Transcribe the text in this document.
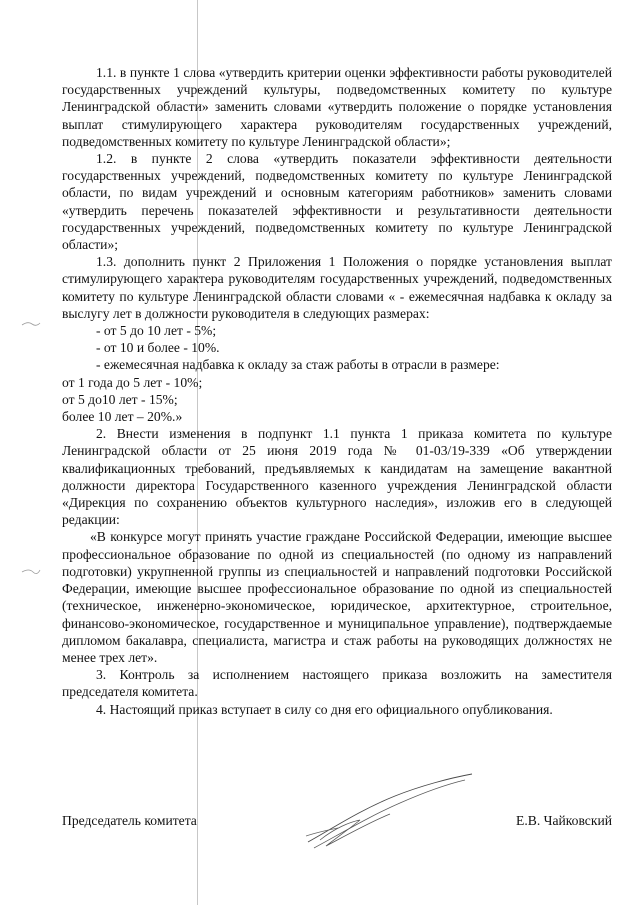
1.1. в пункте 1 слова «утвердить критерии оценки эффективности работы руководителей государственных учреждений культуры, подведомственных комитету по культуре Ленинградской области» заменить словами «утвердить положение о порядке установления выплат стимулирующего характера руководителям государственных учреждений, подведомственных комитету по культуре Ленинградской области»;

1.2. в пункте 2 слова «утвердить показатели эффективности деятельности государственных учреждений, подведомственных комитету по культуре Ленинградской области, по видам учреждений и основным категориям работников» заменить словами «утвердить перечень показателей эффективности и результативности деятельности государственных учреждений, подведомственных комитету по культуре Ленинградской области»;

1.3. дополнить пункт 2 Приложения 1 Положения о порядке установления выплат стимулирующего характера руководителям государственных учреждений, подведомственных комитету по культуре Ленинградской области словами « - ежемесячная надбавка к окладу за выслугу лет в должности руководителя в следующих размерах:

- от 5 до 10 лет - 5%;

- от 10 и более - 10%.

- ежемесячная надбавка к окладу за стаж работы в отрасли в размере:

от 1 года до 5 лет - 10%;

от 5 до10 лет - 15%;

более 10 лет – 20%.»

2. Внести изменения в подпункт 1.1 пункта 1 приказа комитета по культуре Ленинградской области от 25 июня 2019 года № 01-03/19-339 «Об утверждении квалификационных требований, предъявляемых к кандидатам на замещение вакантной должности директора Государственного казенного учреждения Ленинградской области «Дирекция по сохранению объектов культурного наследия», изложив его в следующей редакции:

«В конкурсе могут принять участие граждане Российской Федерации, имеющие высшее профессиональное образование по одной из специальностей (по одному из направлений подготовки) укрупненной группы из специальностей и направлений подготовки Российской Федерации, имеющие высшее профессиональное образование по одной из специальностей (техническое, инженерно-экономическое, юридическое, архитектурное, строительное, финансово-экономическое, государственное и муниципальное управление), подтверждаемые дипломом бакалавра, специалиста, магистра и стаж работы на руководящих должностях не менее трех лет».

3. Контроль за исполнением настоящего приказа возложить на заместителя председателя комитета.

4. Настоящий приказ вступает в силу со дня его официального опубликования.

Председатель комитета	Е.В. Чайковский
